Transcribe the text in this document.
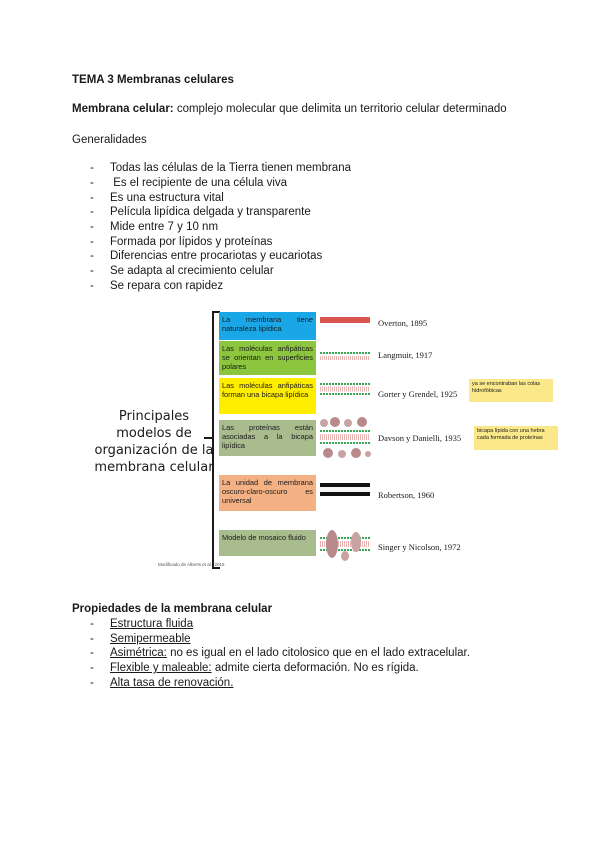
TEMA 3 Membranas celulares
Membrana celular: complejo molecular que delimita un territorio celular determinado
Generalidades
- Todas las células de la Tierra tienen membrana
- Es el recipiente de una célula viva
- Es una estructura vital
- Película lipídica delgada y transparente
- Mide entre 7 y 10 nm
- Formada por lípidos y proteínas
- Diferencias entre procariotas y eucariotas
- Se adapta al crecimiento celular
- Se repara con rapidez
Principales modelos de organización de la membrana celular
La membrana tiene naturaleza lipídica
Las moléculas anfipáticas se orientan en superficies polares
Las moléculas anfipáticas forman una bicapa lipídica
Las proteínas están asociadas a la bicapa lipídica
La unidad de membrana oscuro-claro-oscuro es universal
Modelo de mosaico fluido
Overton, 1895
Langmuir, 1917
Gorter y Grendel, 1925
Davson y Danielli, 1935
Robertson, 1960
Singer y Nicolson, 1972
ya se encontraban las colas hidrofóbicas
bicapa lípida con una hebra cada formada de proteínas
Modificado de Alberts et al., 2015
Propiedades de la membrana celular
- Estructura fluida
- Semipermeable
- Asimétrica: no es igual en el lado citolosico que en el lado extracelular.
- Flexible y maleable: admite cierta deformación. No es rígida.
- Alta tasa de renovación.
